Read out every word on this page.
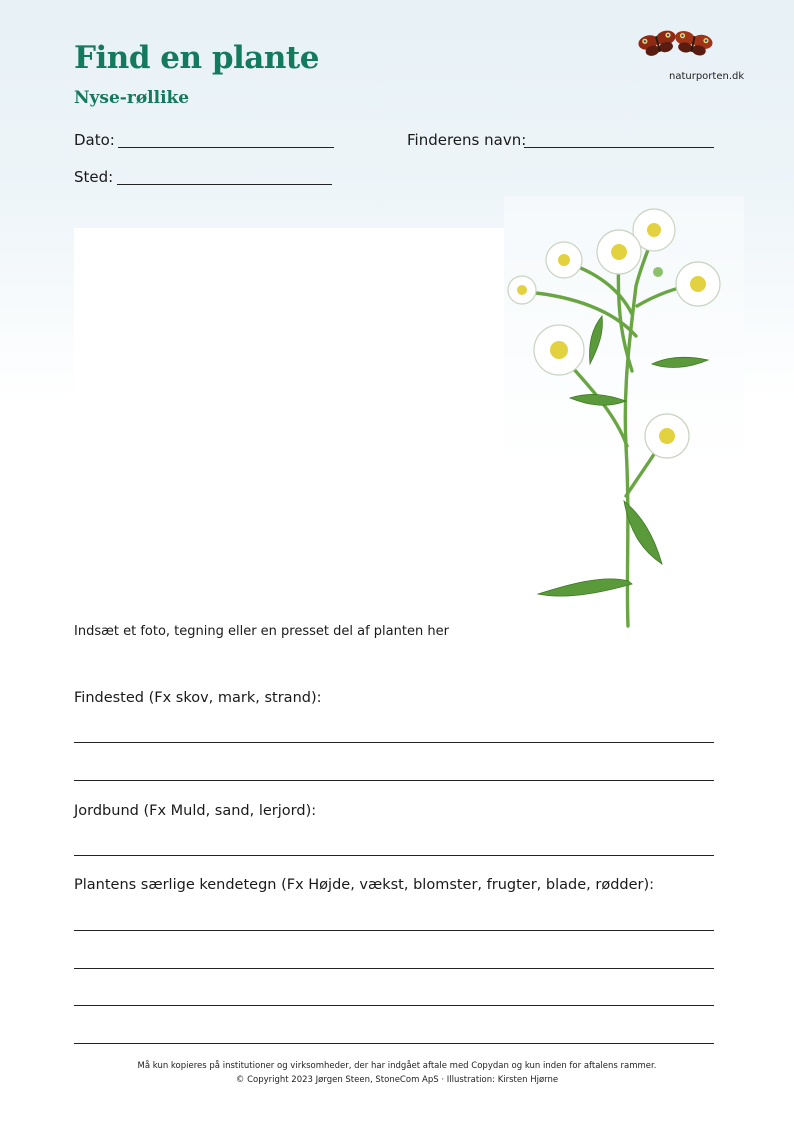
Find en plante
Nyse-røllike
naturporten.dk
Dato:	Finderens navn:
Sted:
Indsæt et foto, tegning eller en presset del af planten her
Findested (Fx skov, mark, strand):
Jordbund (Fx Muld, sand, lerjord):
Plantens særlige kendetegn (Fx Højde, vækst, blomster, frugter, blade, rødder):
Må kun kopieres på institutioner og virksomheder, der har indgået aftale med Copydan og kun inden for aftalens rammer.
© Copyright 2023 Jørgen Steen, StoneCom ApS · Illustration: Kirsten Hjørne
